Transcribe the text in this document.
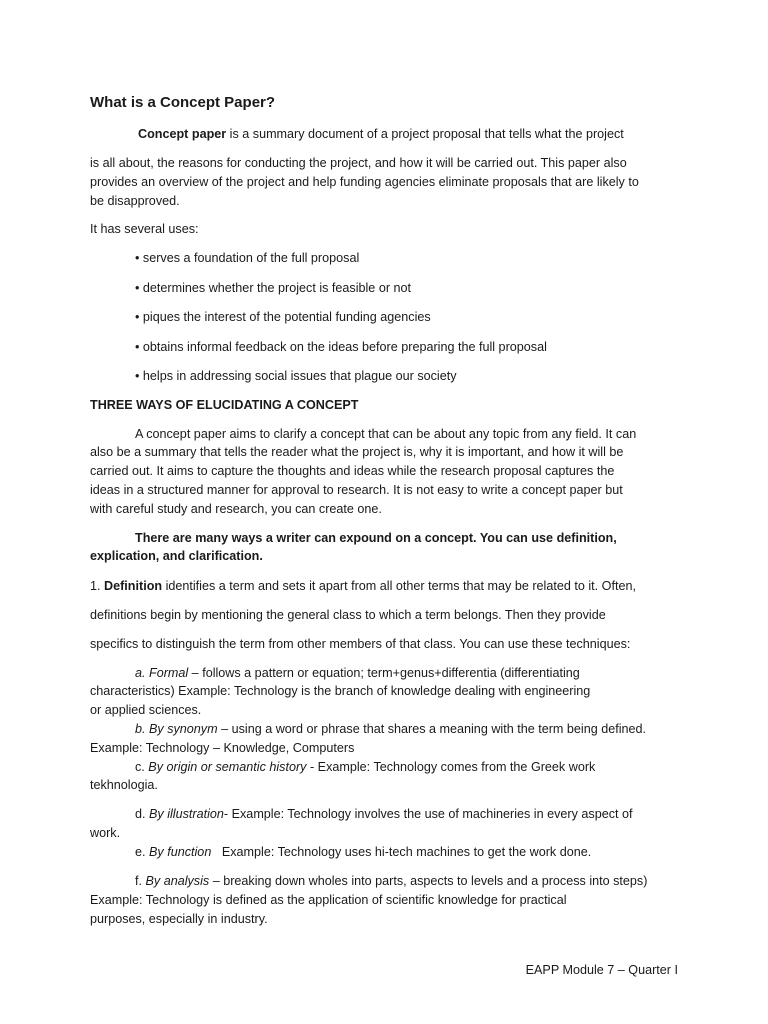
What is a Concept Paper?
Concept paper is a summary document of a project proposal that tells what the project
is all about, the reasons for conducting the project, and how it will be carried out. This paper also
provides an overview of the project and help funding agencies eliminate proposals that are likely to
be disapproved.
It has several uses:
• serves a foundation of the full proposal
• determines whether the project is feasible or not
• piques the interest of the potential funding agencies
• obtains informal feedback on the ideas before preparing the full proposal
• helps in addressing social issues that plague our society
THREE WAYS OF ELUCIDATING A CONCEPT
A concept paper aims to clarify a concept that can be about any topic from any field. It can
also be a summary that tells the reader what the project is, why it is important, and how it will be
carried out. It aims to capture the thoughts and ideas while the research proposal captures the
ideas in a structured manner for approval to research. It is not easy to write a concept paper but
with careful study and research, you can create one.
There are many ways a writer can expound on a concept. You can use definition,
explication, and clarification.
1. Definition identifies a term and sets it apart from all other terms that may be related to it. Often,
definitions begin by mentioning the general class to which a term belongs. Then they provide
specifics to distinguish the term from other members of that class. You can use these techniques:
a. Formal – follows a pattern or equation; term+genus+differentia (differentiating
characteristics) Example: Technology is the branch of knowledge dealing with engineering
or applied sciences.
b. By synonym – using a word or phrase that shares a meaning with the term being defined.
Example: Technology – Knowledge, Computers
c. By origin or semantic history - Example: Technology comes from the Greek work
tekhnologia.
d. By illustration- Example: Technology involves the use of machineries in every aspect of
work.
e. By function   Example: Technology uses hi-tech machines to get the work done.
f. By analysis – breaking down wholes into parts, aspects to levels and a process into steps)
Example: Technology is defined as the application of scientific knowledge for practical
purposes, especially in industry.
EAPP Module 7 – Quarter I
